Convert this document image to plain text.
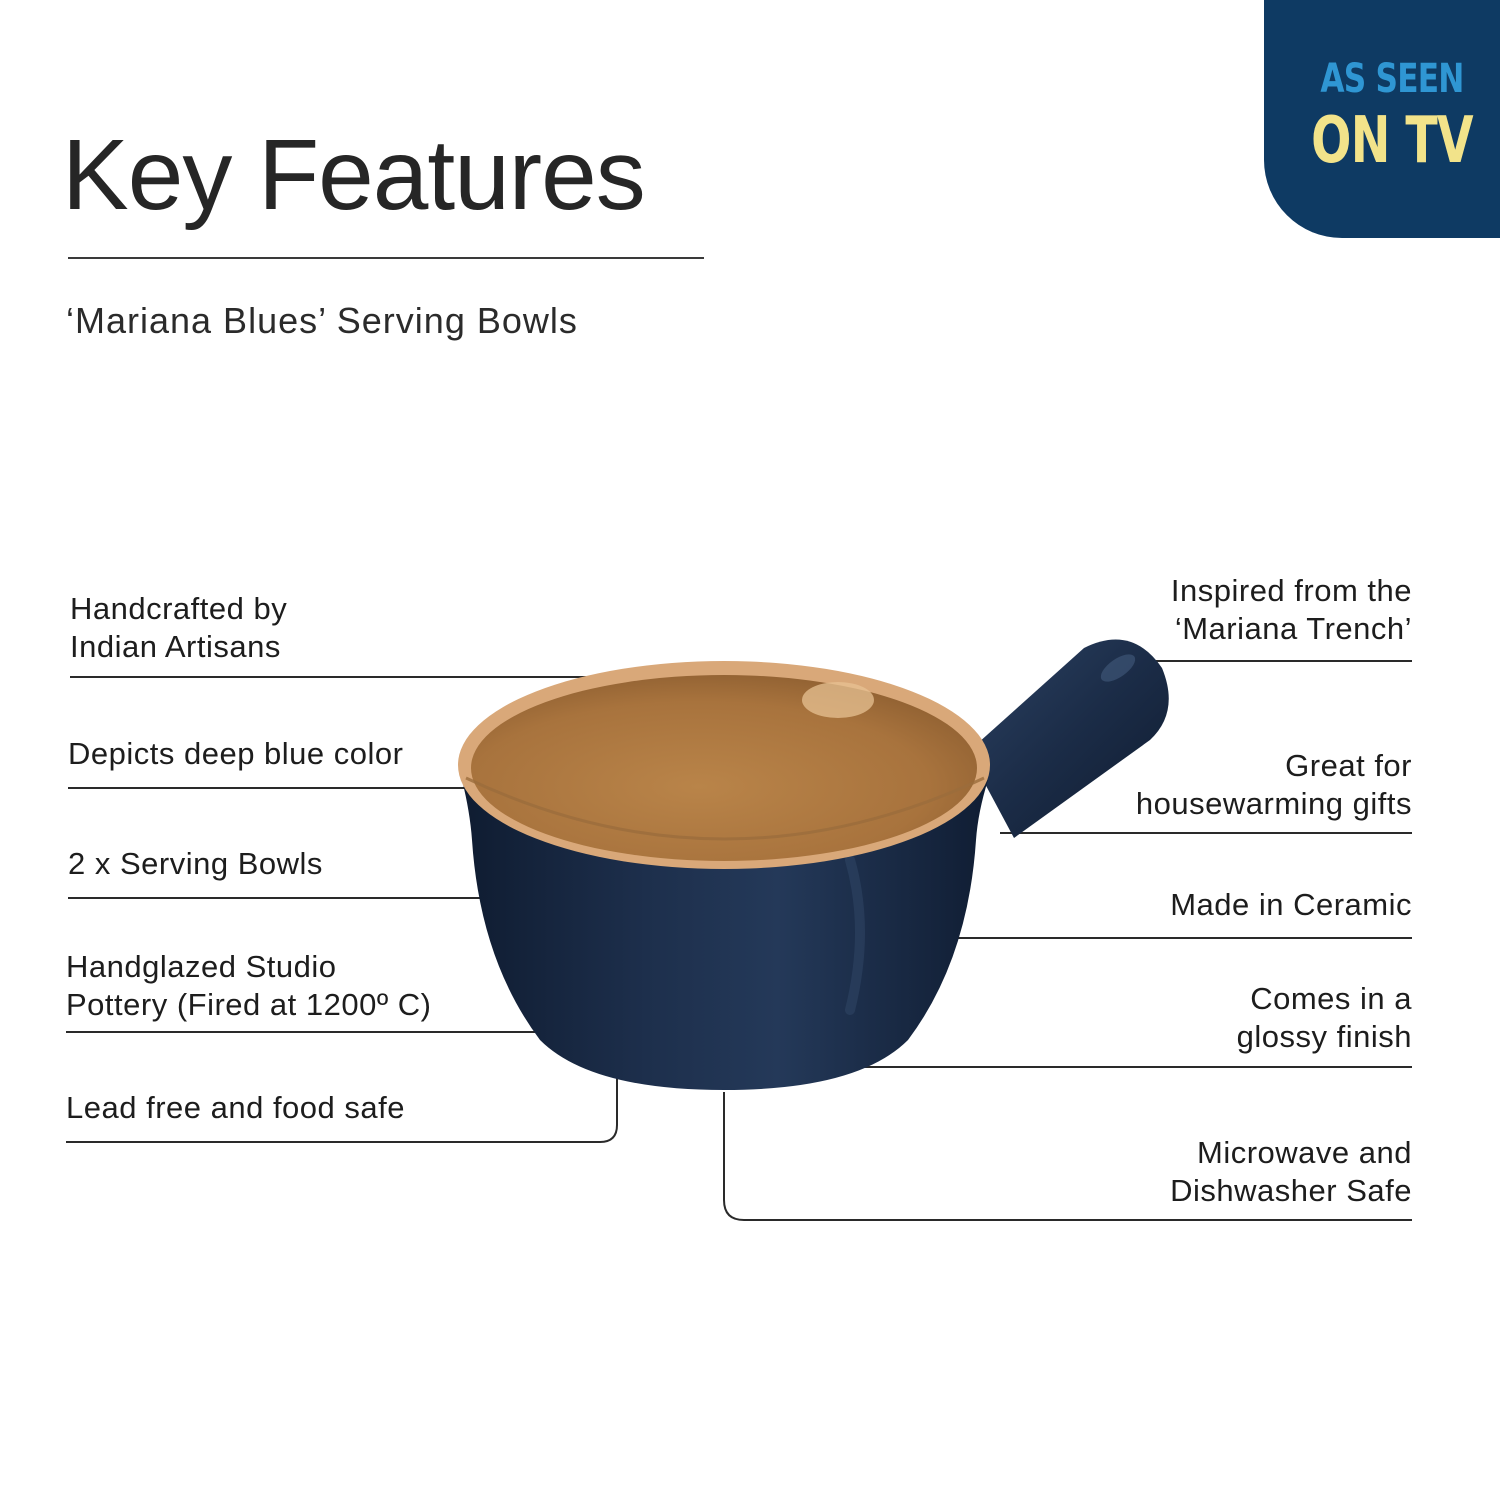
Key Features
‘Mariana Blues’ Serving Bowls
AS SEEN
ON TV
Handcrafted by
Indian Artisans
Depicts deep blue color
2 x Serving Bowls
Handglazed Studio
Pottery (Fired at 1200º C)
Lead free and food safe
Inspired from the
‘Mariana Trench’
Great for
housewarming gifts
Made in Ceramic
Comes in a
glossy finish
Microwave and
Dishwasher Safe
